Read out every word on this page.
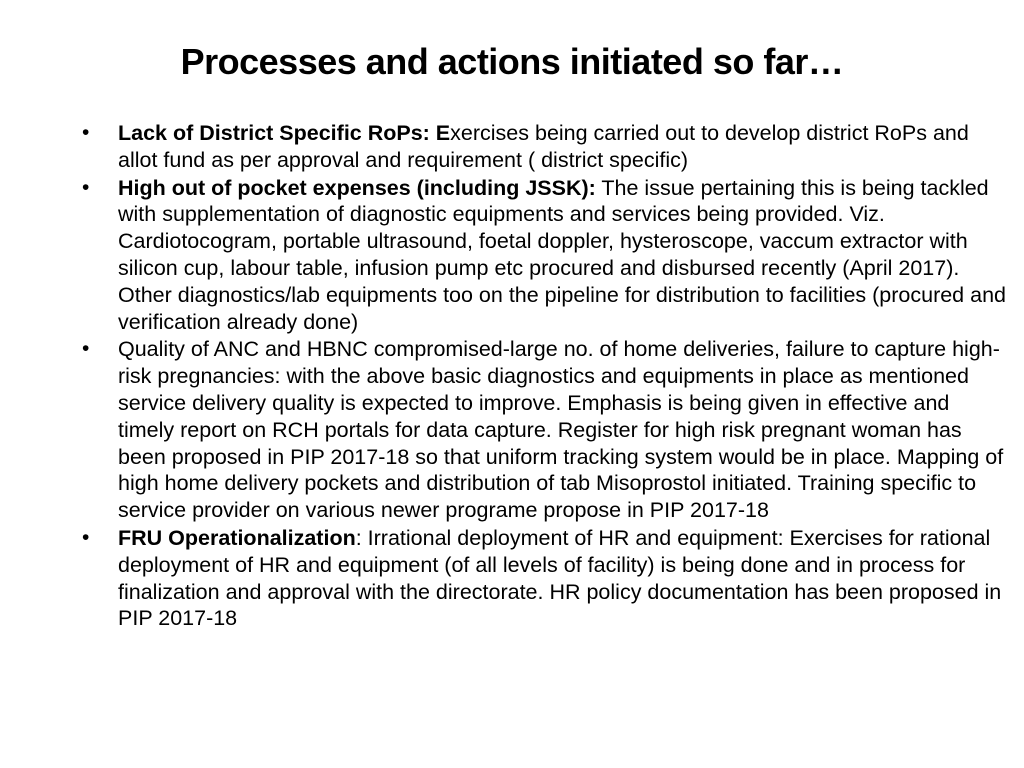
Processes and actions initiated so far…
• Lack of District Specific RoPs: Exercises being carried out to develop district RoPs and allot fund as per approval and requirement ( district specific)
• High out of pocket expenses (including JSSK): The issue pertaining this is being tackled with supplementation of diagnostic equipments and services being provided. Viz. Cardiotocogram, portable ultrasound, foetal doppler, hysteroscope, vaccum extractor with silicon cup, labour table, infusion pump etc procured and disbursed recently (April 2017). Other diagnostics/lab equipments too on the pipeline for distribution to facilities (procured and verification already done)
• Quality of ANC and HBNC compromised-large no. of home deliveries, failure to capture high-risk pregnancies: with the above basic diagnostics and equipments in place as mentioned service delivery quality is expected to improve. Emphasis is being given in effective and timely report on RCH portals for data capture. Register for high risk pregnant woman has been proposed in PIP 2017-18 so that uniform tracking system would be in place. Mapping of high home delivery pockets and distribution of tab Misoprostol initiated. Training specific to service provider on various newer programe propose in PIP 2017-18
• FRU Operationalization: Irrational deployment of HR and equipment: Exercises for rational deployment of HR and equipment (of all levels of facility) is being done and in process for finalization and approval with the directorate. HR policy documentation has been proposed in PIP 2017-18
